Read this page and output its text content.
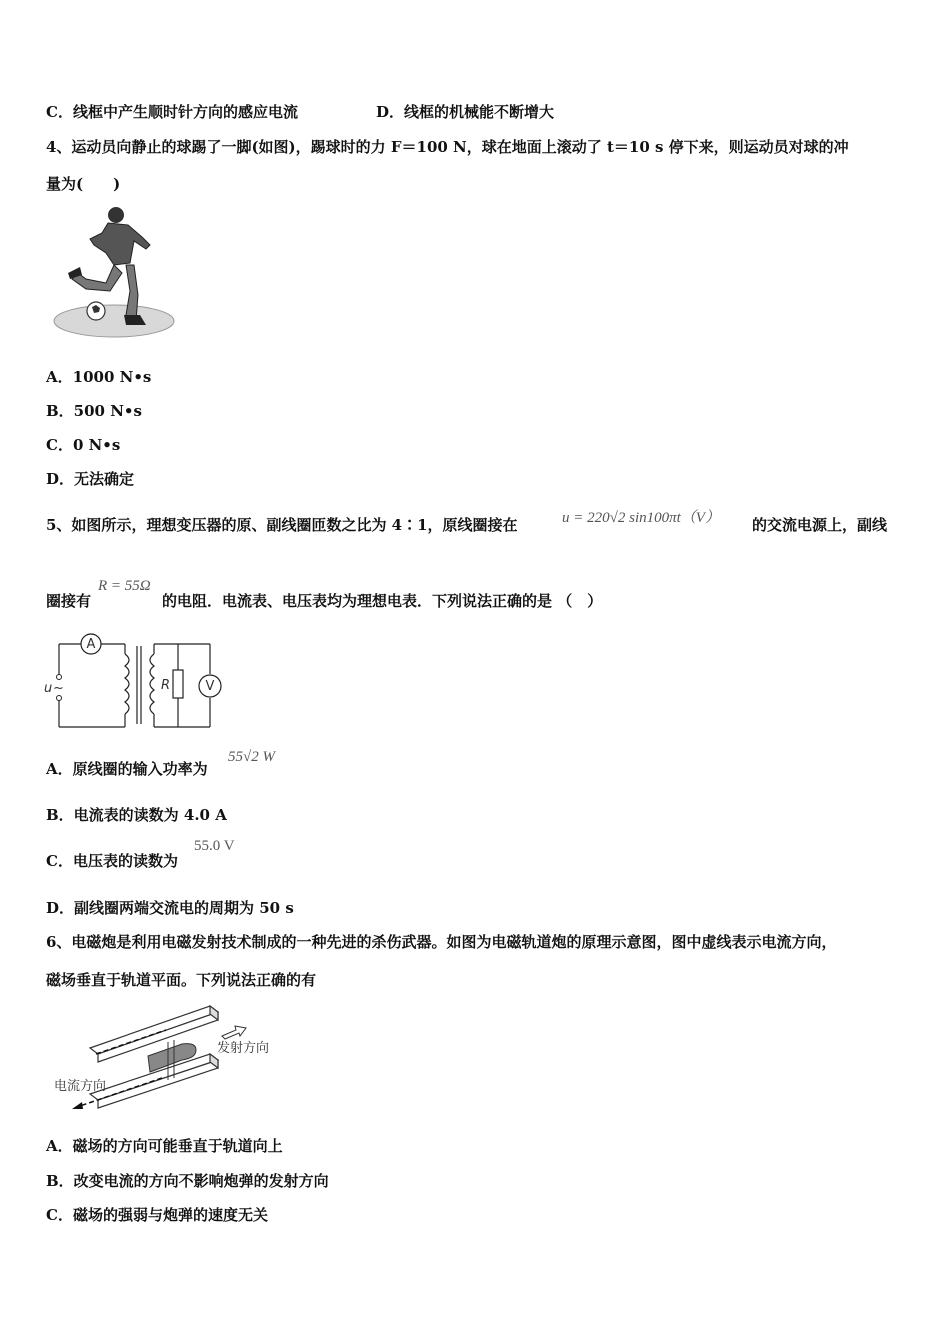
C．线框中产生顺时针方向的感应电流	D．线框的机械能不断增大
4、运动员向静止的球踢了一脚(如图)，踢球时的力 F＝100 N，球在地面上滚动了 t＝10 s 停下来，则运动员对球的冲
量为(　　)
A．1000 N•s
B．500 N•s
C．0 N•s
D．无法确定
5、如图所示，理想变压器的原、副线圈匝数之比为 4∶1，原线圈接在	u = 220√2 sin100πt（V） 的交流电源上，副线
圈接有
R = 55Ω
的电阻．电流表、电压表均为理想电表．下列说法正确的是 （　）
A
V
R
u ~
A．原线圈的输入功率为
55√2 W
B．电流表的读数为 4.0 A
C．电压表的读数为
55.0 V
D．副线圈两端交流电的周期为 50 s
6、电磁炮是利用电磁发射技术制成的一种先进的杀伤武器。如图为电磁轨道炮的原理示意图，图中虚线表示电流方向，
磁场垂直于轨道平面。下列说法正确的有
发射方向
电流方向
A．磁场的方向可能垂直于轨道向上
B．改变电流的方向不影响炮弹的发射方向
C．磁场的强弱与炮弹的速度无关
